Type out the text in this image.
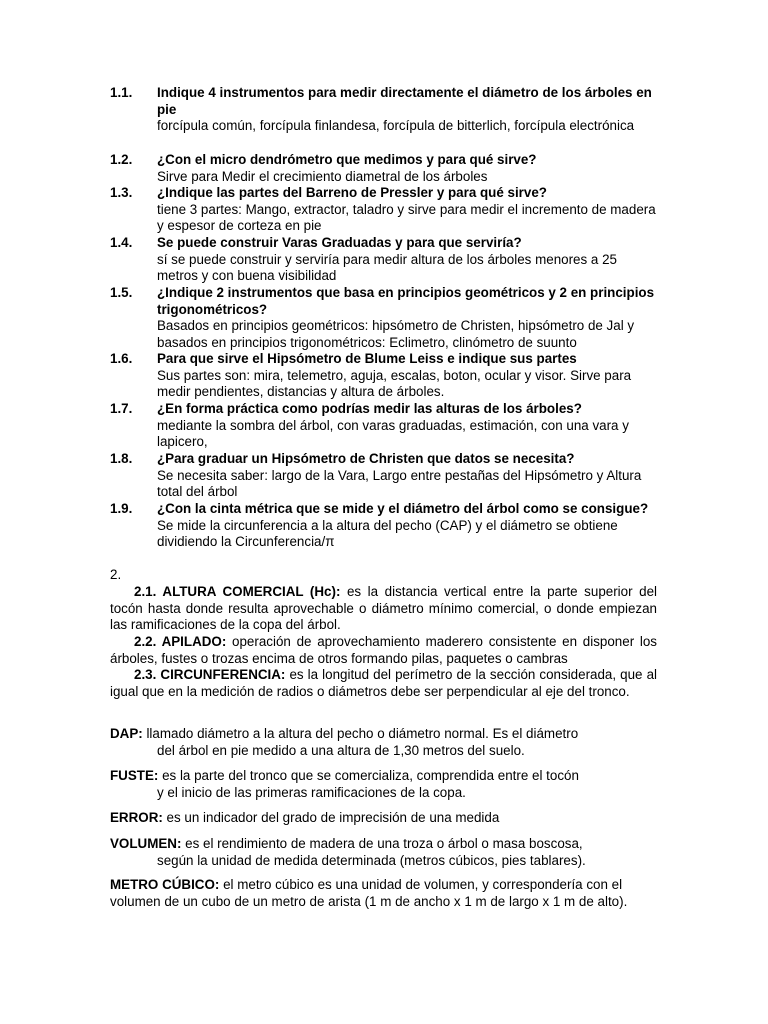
1.1. Indique 4 instrumentos para medir directamente el diámetro de los árboles en pie
forcípula común, forcípula finlandesa, forcípula de bitterlich, forcípula electrónica
1.2. ¿Con el micro dendrómetro que medimos y para qué sirve?
Sirve para Medir el crecimiento diametral de los árboles
1.3. ¿Indique las partes del Barreno de Pressler y para qué sirve?
tiene 3 partes: Mango, extractor, taladro y sirve para medir el incremento de madera y espesor de corteza en pie
1.4. Se puede construir Varas Graduadas y para que serviría?
sí se puede construir y serviría para medir altura de los árboles menores a 25 metros y con buena visibilidad
1.5. ¿Indique 2 instrumentos que basa en principios geométricos y 2 en principios trigonométricos?
Basados en principios geométricos: hipsómetro de Christen, hipsómetro de Jal y basados en principios trigonométricos: Eclimetro, clinómetro de suunto
1.6. Para que sirve el Hipsómetro de Blume Leiss e indique sus partes
Sus partes son: mira, telemetro, aguja, escalas, boton, ocular y visor. Sirve para medir pendientes, distancias y altura de árboles.
1.7. ¿En forma práctica como podrías medir las alturas de los árboles?
mediante la sombra del árbol, con varas graduadas, estimación, con una vara y lapicero,
1.8. ¿Para graduar un Hipsómetro de Christen que datos se necesita?
Se necesita saber: largo de la Vara, Largo entre pestañas del Hipsómetro y Altura total del árbol
1.9. ¿Con la cinta métrica que se mide y el diámetro del árbol como se consigue?
Se mide la circunferencia a la altura del pecho (CAP) y el diámetro se obtiene dividiendo la Circunferencia/π
2.
2.1. ALTURA COMERCIAL (Hc): es la distancia vertical entre la parte superior del tocón hasta donde resulta aprovechable o diámetro mínimo comercial, o donde empiezan las ramificaciones de la copa del árbol.
2.2. APILADO: operación de aprovechamiento maderero consistente en disponer los árboles, fustes o trozas encima de otros formando pilas, paquetes o cambras
2.3. CIRCUNFERENCIA: es la longitud del perímetro de la sección considerada, que al igual que en la medición de radios o diámetros debe ser perpendicular al eje del tronco.
DAP: llamado diámetro a la altura del pecho o diámetro normal. Es el diámetro
del árbol en pie medido a una altura de 1,30 metros del suelo.
FUSTE: es la parte del tronco que se comercializa, comprendida entre el tocón
y el inicio de las primeras ramificaciones de la copa.
ERROR: es un indicador del grado de imprecisión de una medida
VOLUMEN: es el rendimiento de madera de una troza o árbol o masa boscosa,
según la unidad de medida determinada (metros cúbicos, pies tablares).
METRO CÚBICO: el metro cúbico es una unidad de volumen, y correspondería con el
volumen de un cubo de un metro de arista (1 m de ancho x 1 m de largo x 1 m de alto).
